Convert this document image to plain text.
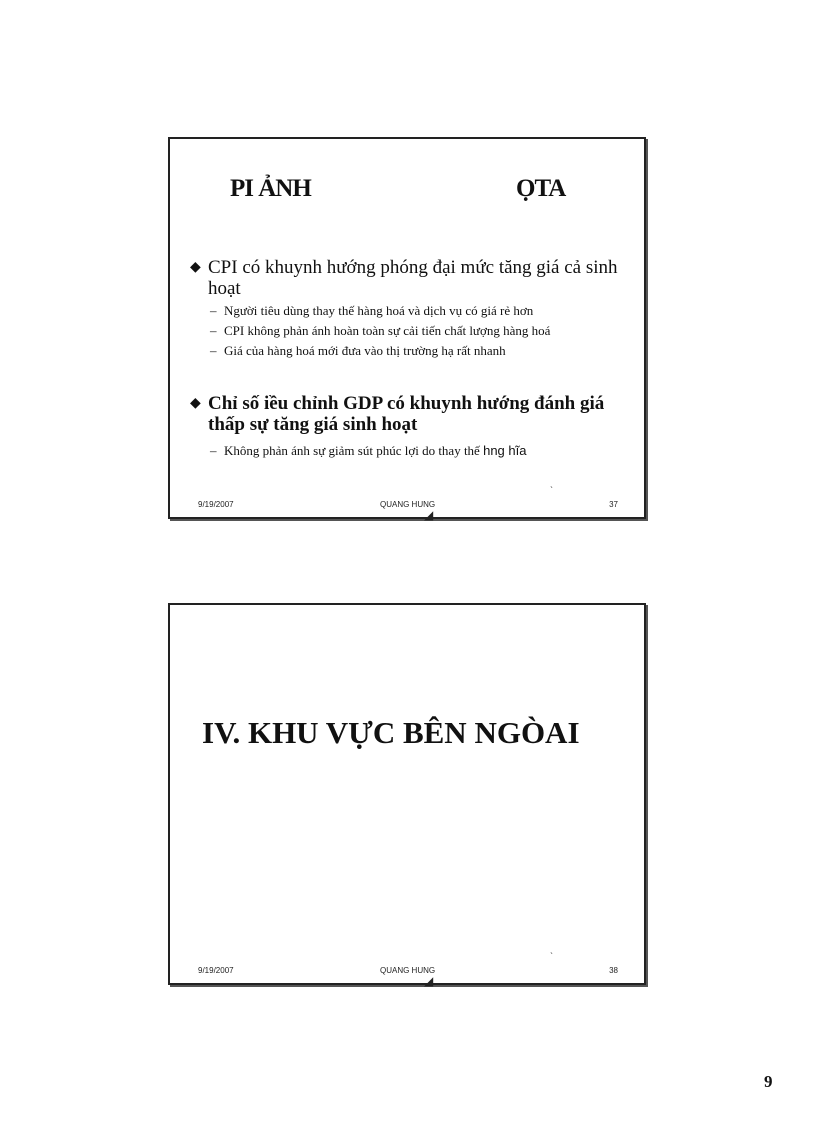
PI ẢNH	ỌTA
◆ CPI có khuynh hướng phóng đại mức tăng giá cả sinh hoạt
– Người tiêu dùng thay thế hàng hoá và dịch vụ có giá rẻ hơn
– CPI không phản ánh hoàn toàn sự cải tiến chất lượng hàng hoá
– Giá của hàng hoá mới đưa vào thị trường hạ rất nhanh
◆ Chỉ số iều chỉnh GDP có khuynh hướng đánh giá thấp sự tăng giá sinh hoạt
– Không phản ánh sự giảm sút phúc lợi do thay thế
hng hĩa
ˋ
◢
9/19/2007	QUANG HUNG	37
IV. KHU VỰC BÊN NGÒAI
ˋ
◢
9/19/2007	QUANG HUNG	38
9
